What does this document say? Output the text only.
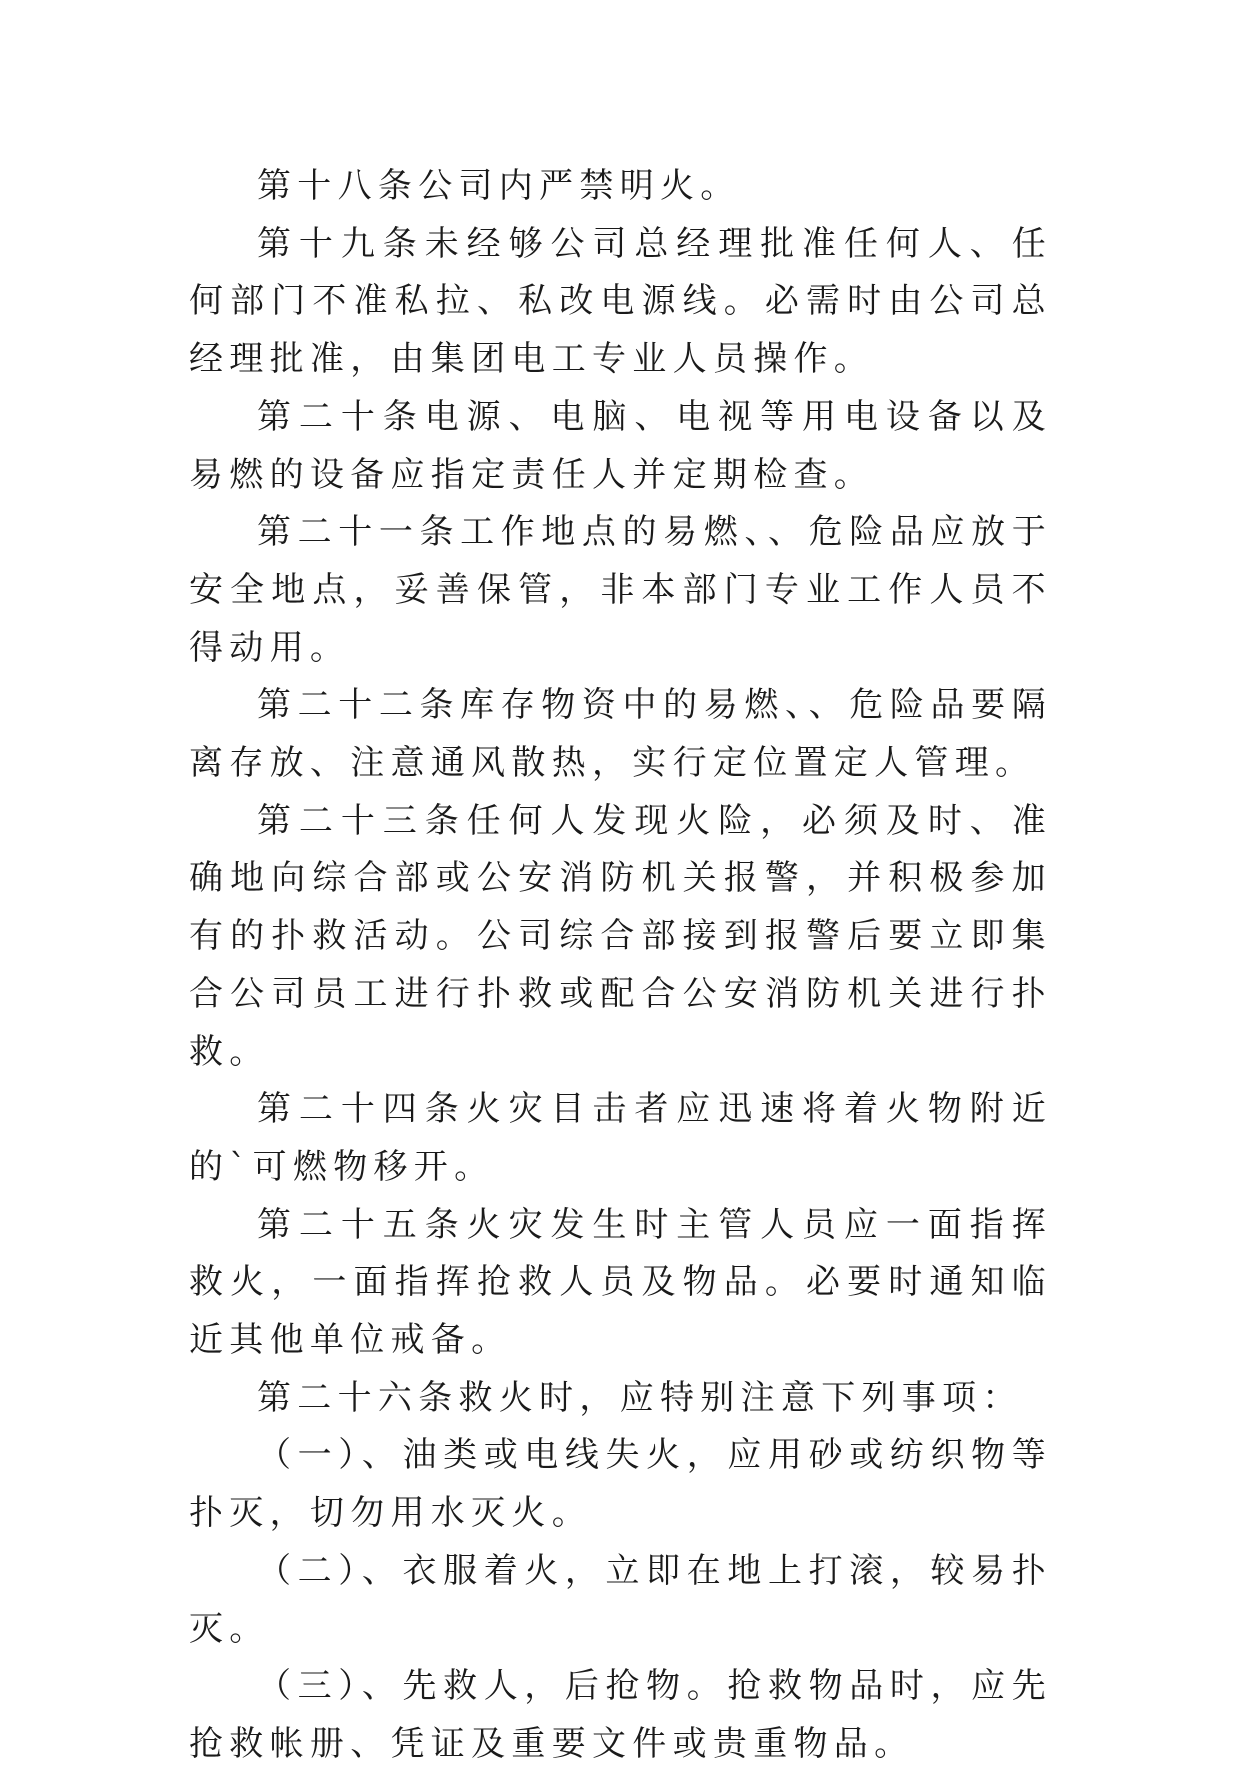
第十八条公司内严禁明火。

第十九条未经够公司总经理批准任何人、任何部门不准私拉、私改电源线。必需时由公司总经理批准，由集团电工专业人员操作。

第二十条电源、电脑、电视等用电设备以及易燃的设备应指定责任人并定期检查。

第二十一条工作地点的易燃、、危险品应放于安全地点，妥善保管，非本部门专业工作人员不得动用。

第二十二条库存物资中的易燃、、危险品要隔离存放、注意通风散热，实行定位置定人管理。

第二十三条任何人发现火险，必须及时、准确地向综合部或公安消防机关报警，并积极参加有的扑救活动。公司综合部接到报警后要立即集合公司员工进行扑救或配合公安消防机关进行扑救。

第二十四条火灾目击者应迅速将着火物附近的`可燃物移开。

第二十五条火灾发生时主管人员应一面指挥救火，一面指挥抢救人员及物品。必要时通知临近其他单位戒备。

第二十六条救火时，应特别注意下列事项：

（一）、油类或电线失火，应用砂或纺织物等扑灭，切勿用水灭火。

（二）、衣服着火，立即在地上打滚，较易扑灭。

（三）、先救人，后抢物。抢救物品时，应先抢救帐册、凭证及重要文件或贵重物品。
